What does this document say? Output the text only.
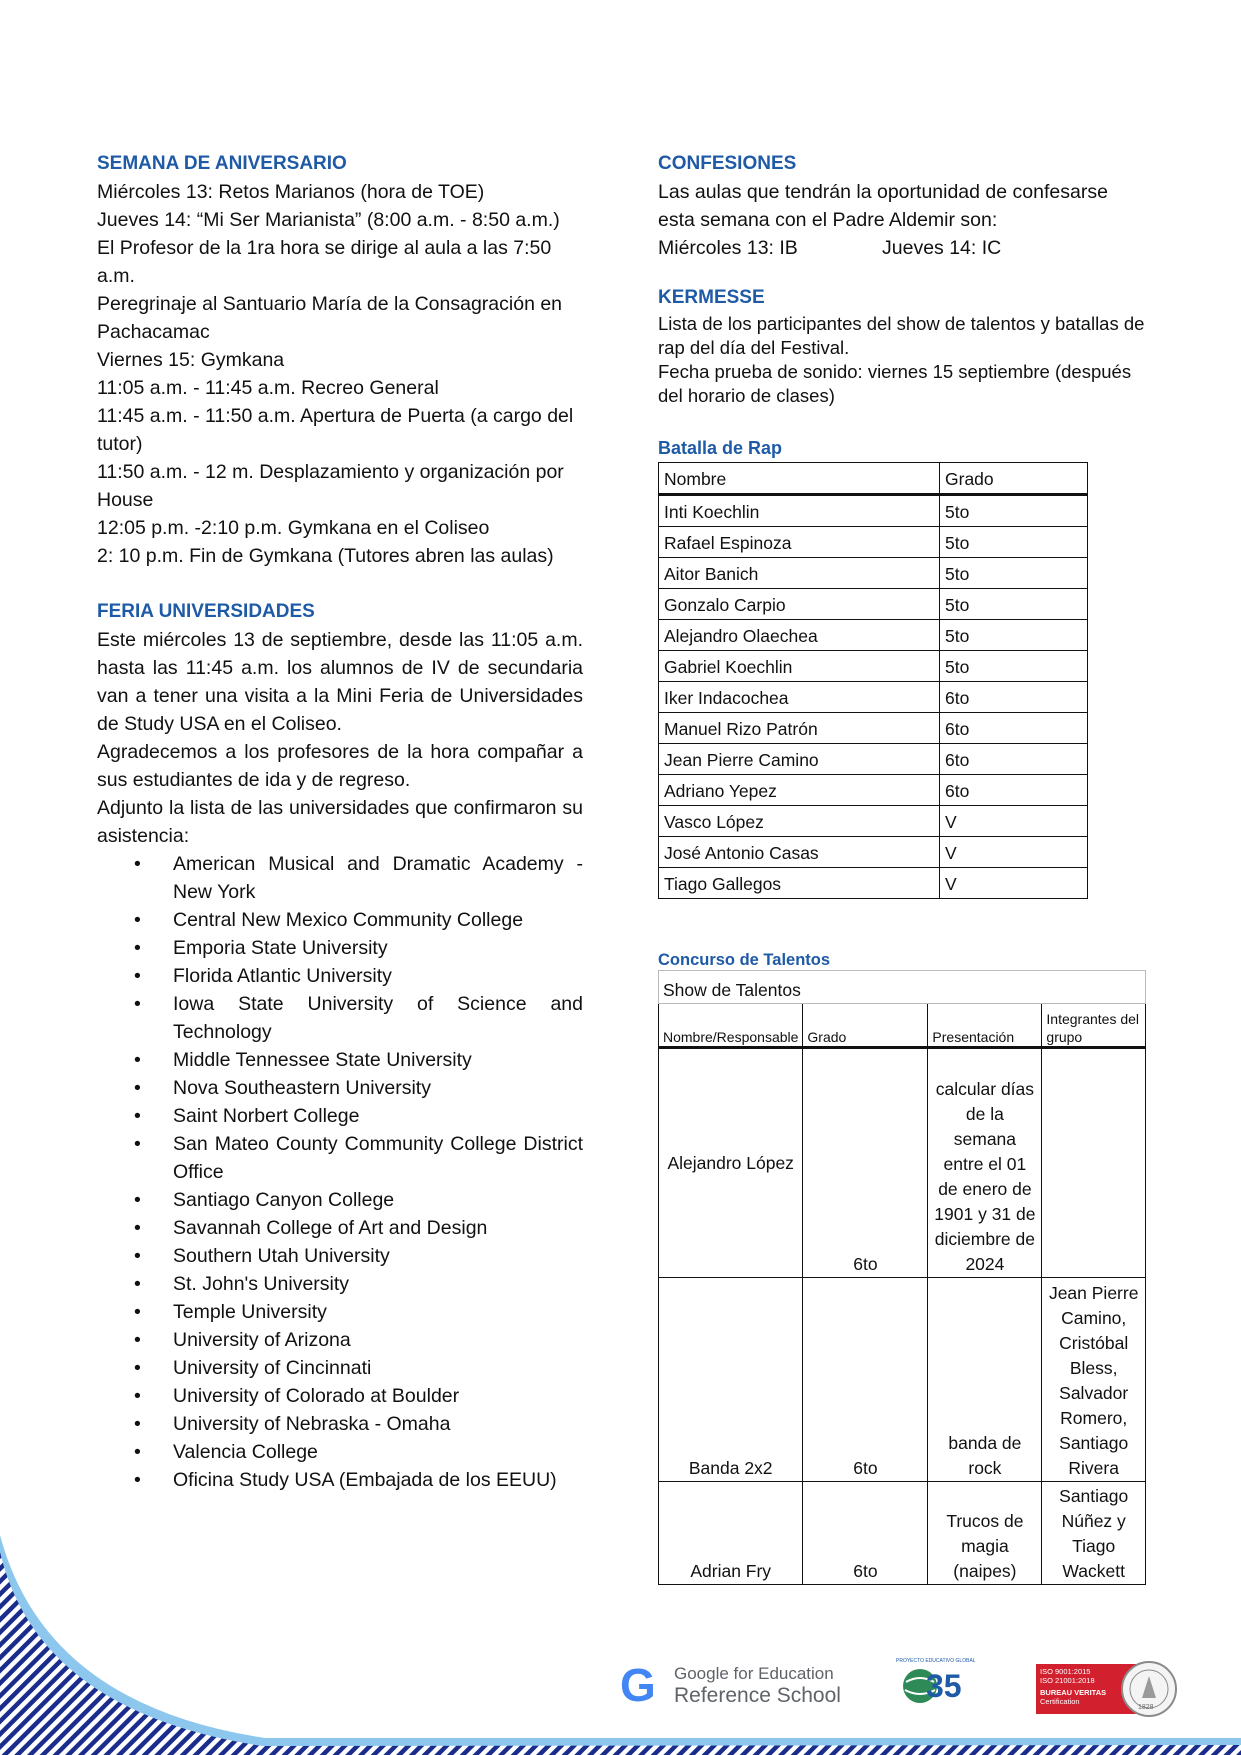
SEMANA DE ANIVERSARIO

Miércoles 13: Retos Marianos (hora de TOE)

Jueves 14: “Mi Ser Marianista” (8:00 a.m. - 8:50 a.m.)

El Profesor de la 1ra hora se dirige al aula a las 7:50 a.m.

Peregrinaje al Santuario María de la Consagración en Pachacamac

Viernes 15: Gymkana

11:05 a.m. - 11:45 a.m. Recreo General

11:45 a.m. - 11:50 a.m. Apertura de Puerta (a cargo del tutor)

11:50 a.m. - 12 m. Desplazamiento y organización por House

12:05 p.m. -2:10 p.m. Gymkana en el Coliseo

2: 10 p.m. Fin de Gymkana (Tutores abren las aulas)

FERIA UNIVERSIDADES

Este miércoles 13 de septiembre, desde las 11:05 a.m. hasta las 11:45 a.m. los alumnos de IV de secundaria van a tener una visita a la Mini Feria de Universidades de Study USA en el Coliseo.

Agradecemos a los profesores de la hora compañar a sus estudiantes de ida y de regreso.

Adjunto la lista de las universidades que confirmaron su asistencia:

• American Musical and Dramatic Academy - New York
• Central New Mexico Community College
• Emporia State University
• Florida Atlantic University
• Iowa State University of Science and Technology
• Middle Tennessee State University
• Nova Southeastern University
• Saint Norbert College
• San Mateo County Community College District Office
• Santiago Canyon College
• Savannah College of Art and Design
• Southern Utah University
• St. John's University
• Temple University
• University of Arizona
• University of Cincinnati
• University of Colorado at Boulder
• University of Nebraska - Omaha
• Valencia College
• Oficina Study USA (Embajada de los EEUU)
CONFESIONES
Las aulas que tendrán la oportunidad de confesarse esta semana con el Padre Aldemir son:
Miércoles 13: IB	Jueves 14: IC
KERMESSE
Lista de los participantes del show de talentos y batallas de rap del día del Festival.
Fecha prueba de sonido: viernes 15 septiembre (después del horario de clases)
Batalla de Rap
Nombre	Grado
Inti Koechlin	5to
Rafael Espinoza	5to
Aitor Banich	5to
Gonzalo Carpio	5to
Alejandro Olaechea	5to
Gabriel Koechlin	5to
Iker Indacochea	6to
Manuel Rizo Patrón	6to
Jean Pierre Camino	6to
Adriano Yepez	6to
Vasco López	V
José Antonio Casas	V
Tiago Gallegos	V
Concurso de Talentos
Show de Talentos			
Nombre/Responsable	Grado	Presentación	Integrantes del grupo
Alejandro López	6to	calcular días de la semana entre el 01 de enero de 1901 y 31 de diciembre de 2024	
Banda 2x2	6to	banda de rock	Jean Pierre Camino, Cristóbal Bless, Salvador Romero, Santiago Rivera
Adrian Fry	6to	Trucos de magia (naipes)	Santiago Núñez y Tiago Wackett
G Google for Education
Reference School
PROYECTO EDUCATIVO GLOBAL
35	ISO 9001:2015
ISO 21001:2018
BUREAU VERITAS
Certification
1828
